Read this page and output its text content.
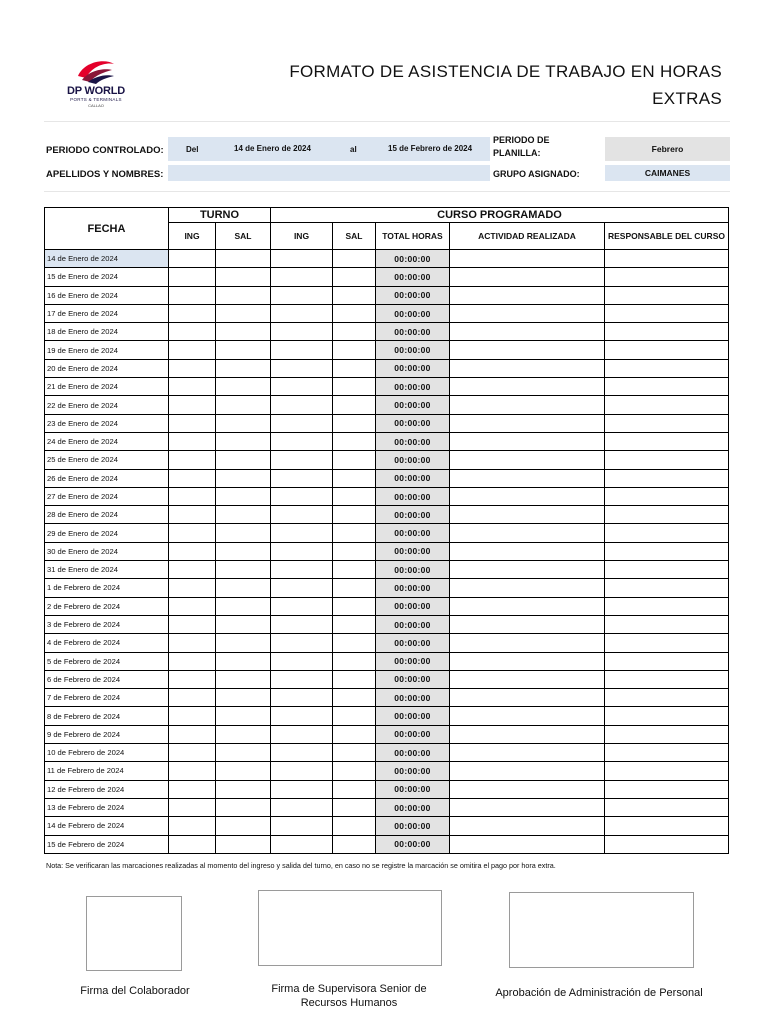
DP WORLD
PORTS & TERMINALS
CALLAO
FORMATO DE ASISTENCIA DE TRABAJO EN HORAS
EXTRAS
PERIODO CONTROLADO:	Del	14 de Enero de 2024	al	15 de Febrero de 2024
PERIODO DE
PLANILLA:	Febrero
APELLIDOS Y NOMBRES:	GRUPO ASIGNADO:	CAIMANES
FECHA	TURNO		CURSO PROGRAMADO				
	ING	SAL	ING	SAL	TOTAL HORAS	ACTIVIDAD REALIZADA	RESPONSABLE DEL CURSO
14 de Enero de 2024					00:00:00		
15 de Enero de 2024					00:00:00		
16 de Enero de 2024					00:00:00		
17 de Enero de 2024					00:00:00		
18 de Enero de 2024					00:00:00		
19 de Enero de 2024					00:00:00		
20 de Enero de 2024					00:00:00		
21 de Enero de 2024					00:00:00		
22 de Enero de 2024					00:00:00		
23 de Enero de 2024					00:00:00		
24 de Enero de 2024					00:00:00		
25 de Enero de 2024					00:00:00		
26 de Enero de 2024					00:00:00		
27 de Enero de 2024					00:00:00		
28 de Enero de 2024					00:00:00		
29 de Enero de 2024					00:00:00		
30 de Enero de 2024					00:00:00		
31 de Enero de 2024					00:00:00		
1 de Febrero de 2024					00:00:00		
2 de Febrero de 2024					00:00:00		
3 de Febrero de 2024					00:00:00		
4 de Febrero de 2024					00:00:00		
5 de Febrero de 2024					00:00:00		
6 de Febrero de 2024					00:00:00		
7 de Febrero de 2024					00:00:00		
8 de Febrero de 2024					00:00:00		
9 de Febrero de 2024					00:00:00		
10 de Febrero de 2024					00:00:00		
11 de Febrero de 2024					00:00:00		
12 de Febrero de 2024					00:00:00		
13 de Febrero de 2024					00:00:00		
14 de Febrero de 2024					00:00:00		
15 de Febrero de 2024					00:00:00		
Nota: Se verificaran las marcaciones realizadas al momento del ingreso y salida del turno, en caso no se registre la marcación se omitira el pago por hora extra.
Firma del Colaborador	Firma de Supervisora Senior de
Recursos Humanos
Aprobación de Administración de Personal
